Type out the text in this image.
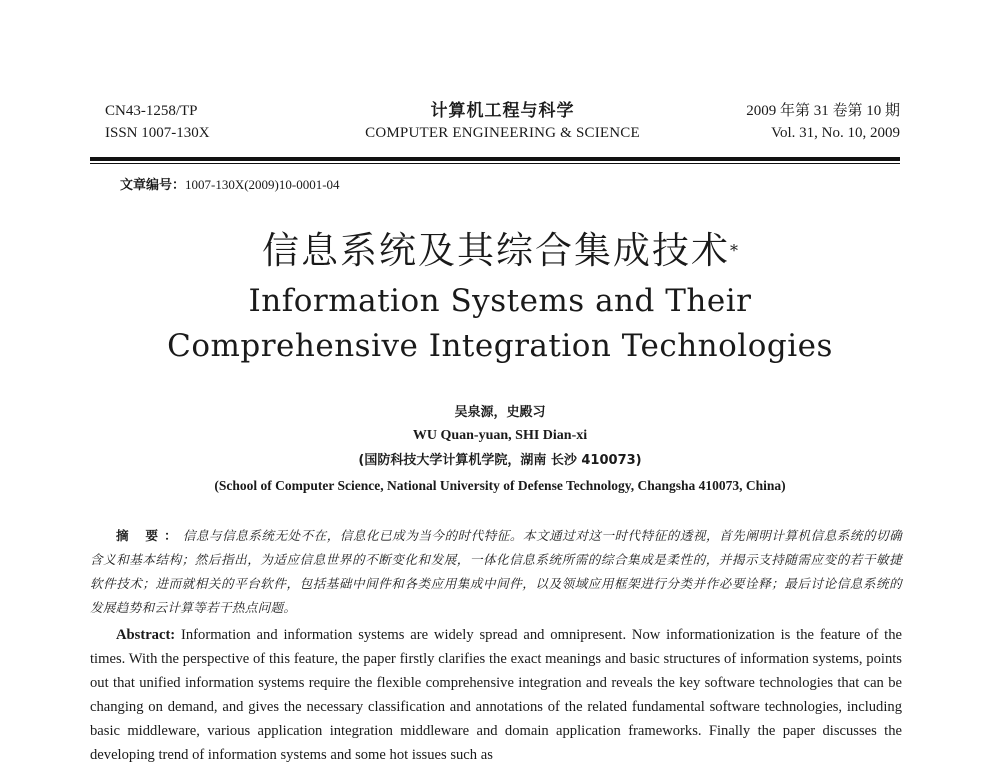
CN43-1258/TP
ISSN 1007-130X
计算机工程与科学
COMPUTER ENGINEERING & SCIENCE
2009 年第 31 卷第 10 期
Vol. 31, No. 10, 2009
文章编号：1007-130X(2009)10-0001-04
信息系统及其综合集成技术*
Information Systems and Their
Comprehensive Integration Technologies
吴泉源，史殿习
WU Quan-yuan, SHI Dian-xi
(国防科技大学计算机学院，湖南 长沙 410073)
(School of Computer Science, National University of Defense Technology, Changsha 410073, China)
摘 要：信息与信息系统无处不在，信息化已成为当今的时代特征。本文通过对这一时代特征的透视，首先阐明计算机信息系统的切确含义和基本结构；然后指出，为适应信息世界的不断变化和发展，一体化信息系统所需的综合集成是柔性的，并揭示支持随需应变的若干敏捷软件技术；进而就相关的平台软件，包括基础中间件和各类应用集成中间件，以及领域应用框架进行分类并作必要诠释；最后讨论信息系统的发展趋势和云计算等若干热点问题。
Abstract: Information and information systems are widely spread and omnipresent. Now informationization is the feature of the times. With the perspective of this feature, the paper firstly clarifies the exact meanings and basic structures of information systems, points out that unified information systems require the flexible comprehensive integration and reveals the key software technologies that can be changing on demand, and gives the necessary classification and annotations of the related fundamental software technologies, including basic middleware, various application integration middleware and domain application frameworks. Finally the paper discusses the developing trend of information systems and some hot issues such as
